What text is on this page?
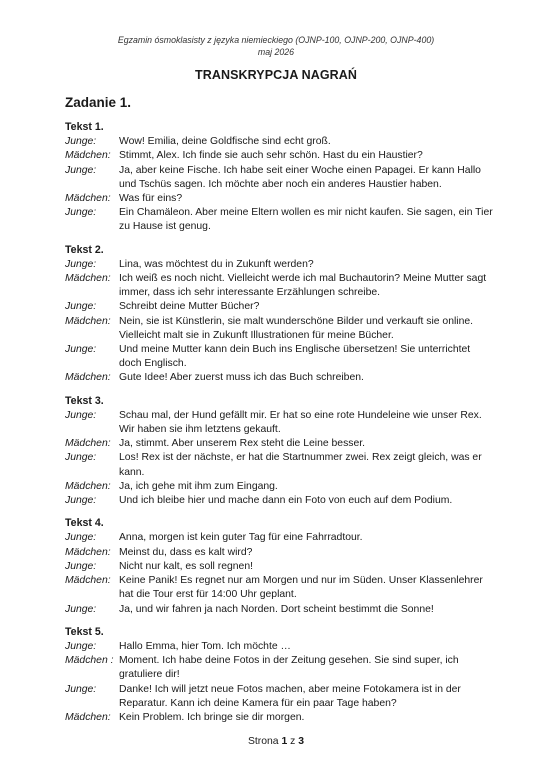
Egzamin ósmoklasisty z języka niemieckiego (OJNP-100, OJNP-200, OJNP-400)
maj 2026
TRANSKRYPCJA NAGRAŃ
Zadanie 1.
Tekst 1.
Junge:	Wow! Emilia, deine Goldfische sind echt groß.
Mädchen: Stimmt, Alex. Ich finde sie auch sehr schön. Hast du ein Haustier?
Junge:	Ja, aber keine Fische. Ich habe seit einer Woche einen Papagei. Er kann Hallo und Tschüs sagen. Ich möchte aber noch ein anderes Haustier haben.
Mädchen: Was für eins?
Junge:	Ein Chamäleon. Aber meine Eltern wollen es mir nicht kaufen. Sie sagen, ein Tier zu Hause ist genug.
Tekst 2.
Junge:	Lina, was möchtest du in Zukunft werden?
Mädchen: Ich weiß es noch nicht. Vielleicht werde ich mal Buchautorin? Meine Mutter sagt immer, dass ich sehr interessante Erzählungen schreibe.
Junge:	Schreibt deine Mutter Bücher?
Mädchen: Nein, sie ist Künstlerin, sie malt wunderschöne Bilder und verkauft sie online. Vielleicht malt sie in Zukunft Illustrationen für meine Bücher.
Junge:	Und meine Mutter kann dein Buch ins Englische übersetzen! Sie unterrichtet doch Englisch.
Mädchen: Gute Idee! Aber zuerst muss ich das Buch schreiben.
Tekst 3.
Junge:	Schau mal, der Hund gefällt mir. Er hat so eine rote Hundeleine wie unser Rex. Wir haben sie ihm letztens gekauft.
Mädchen: Ja, stimmt. Aber unserem Rex steht die Leine besser.
Junge:	Los! Rex ist der nächste, er hat die Startnummer zwei. Rex zeigt gleich, was er kann.
Mädchen: Ja, ich gehe mit ihm zum Eingang.
Junge:	Und ich bleibe hier und mache dann ein Foto von euch auf dem Podium.
Tekst 4.
Junge:	Anna, morgen ist kein guter Tag für eine Fahrradtour.
Mädchen: Meinst du, dass es kalt wird?
Junge:	Nicht nur kalt, es soll regnen!
Mädchen: Keine Panik! Es regnet nur am Morgen und nur im Süden. Unser Klassenlehrer hat die Tour erst für 14:00 Uhr geplant.
Junge:	Ja, und wir fahren ja nach Norden. Dort scheint bestimmt die Sonne!
Tekst 5.
Junge:	Hallo Emma, hier Tom. Ich möchte …
Mädchen : Moment. Ich habe deine Fotos in der Zeitung gesehen. Sie sind super, ich gratuliere dir!
Junge:	Danke! Ich will jetzt neue Fotos machen, aber meine Fotokamera ist in der Reparatur. Kann ich deine Kamera für ein paar Tage haben?
Mädchen: Kein Problem. Ich bringe sie dir morgen.
Strona 1 z 3
